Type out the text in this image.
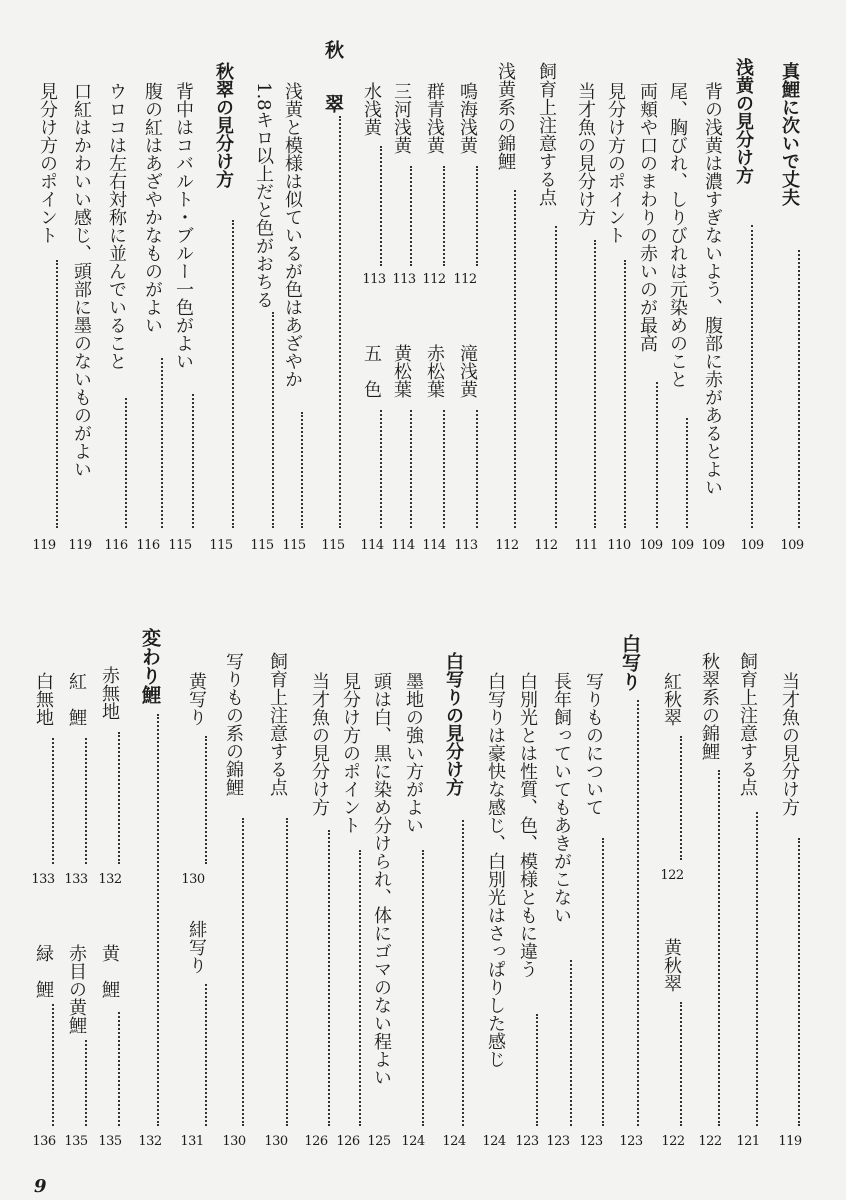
真鯉に次いで丈夫
109
浅黄の見分け方
109
背の浅黄は濃すぎないよう、腹部に赤があるとよい
109
尾、胸びれ、しりびれは元染めのこと
109
両頬や口のまわりの赤いのが最高
109
見分け方のポイント
110
当才魚の見分け方
111
飼育上注意する点
112
浅黄系の錦鯉
112
鳴海浅黄
112
滝浅黄
113
群青浅黄
112
赤松葉
114
三河浅黄
113
黄松葉
114
水浅黄
113
五　色
114
秋　翠
115
浅黄と模様は似ているが色はあざやか
115
1.8キロ以上だと色がおちる
115
秋翠の見分け方
115
背中はコバルト・ブルー一色がよい
115
腹の紅はあざやかなものがよい
116
ウロコは左右対称に並んでいること
116
口紅はかわいい感じ、頭部に墨のないものがよい
119
見分け方のポイント
119
当才魚の見分け方
119
飼育上注意する点
121
秋翠系の錦鯉
122
紅秋翠
122
黄秋翠
122
白写り
123
写りものについて
123
長年飼っていてもあきがこない
123
白別光とは性質、色、模様ともに違う
123
白写りは豪快な感じ、白別光はさっぱりした感じ
124
白写りの見分け方
124
墨地の強い方がよい
124
頭は白、黒に染め分けられ、体にゴマのない程よい
125
見分け方のポイント
126
当才魚の見分け方
126
飼育上注意する点
130
写りもの系の錦鯉
130
黄写り
130
緋写り
131
変わり鯉
132
赤無地
132
黄　鯉
135
紅　鯉
133
赤目の黄鯉
135
白無地
133
緑　鯉
136
9
